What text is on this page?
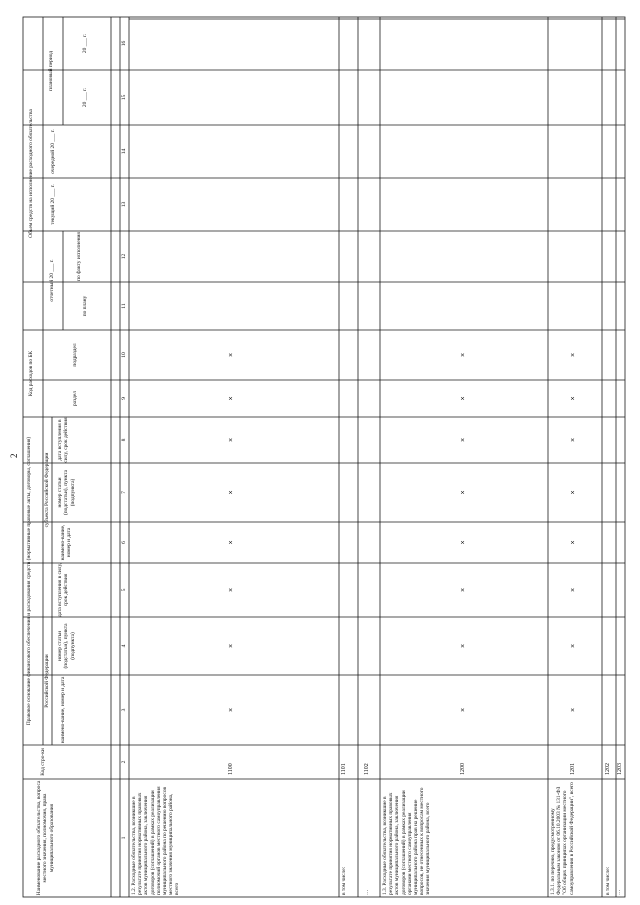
2
Наименование расходного обязательства, вопроса местного значения, полномочия, права муниципального образования
Код стро-ки
Правовое основание финансового обеспечения и расходования средств (нормативные правовые акты, договоры, соглашения) Российской Федерации
субъекта Российской Федерации
наимено-вание, номер и дата
номер статьи (подстатьи), пункта (подпункта)
дата вступления в силу, срок действия
наимено-вание, номер и дата
номер статьи (подстатьи), пункта (подпункта)
дата вступления в силу, срок действия
Код расходов по БК
раздел
подраздел
Объем средств на исполнение расходного обязательства
отчетный 20 ___ г.
по плану
по факту исполнения
текущий 20 ___ г.
очередной 20 ___ г.
плановый период
20 ___ г.
20 ___ г.
1
2
3
4
5
6
7
8
9
10
11
12
13
14
15
16
1.2. Расходные обязательства, возникшие в результате принятия нормативных правовых актов муниципального района, заключения договоров (соглашений) в рамках реализации полномочий органов местного самоуправления муниципального района по решению вопросов местного значения муниципального района, всего
1100
×
×
×
×
×
×
×
×
в том числе:
1101
…
1102
1.3. Расходные обязательства, возникшие в результате принятия нормативных правовых актов муниципального района, заключения договоров (соглашений) в рамках реализации органами местного самоуправления муниципального района прав на решение вопросов, не отнесенных к вопросам местного значения муниципального района, всего
1200
×
×
×
×
×
×
×
×
1.3.1. по перечню, предусмотренному Федеральным законом от 06.10.2003 № 131-ФЗ "Об общих принципах организации местного самоуправления в Российской Федерации", всего
1201
×
×
×
×
×
×
×
×
в том числе:
1202
…
1203
